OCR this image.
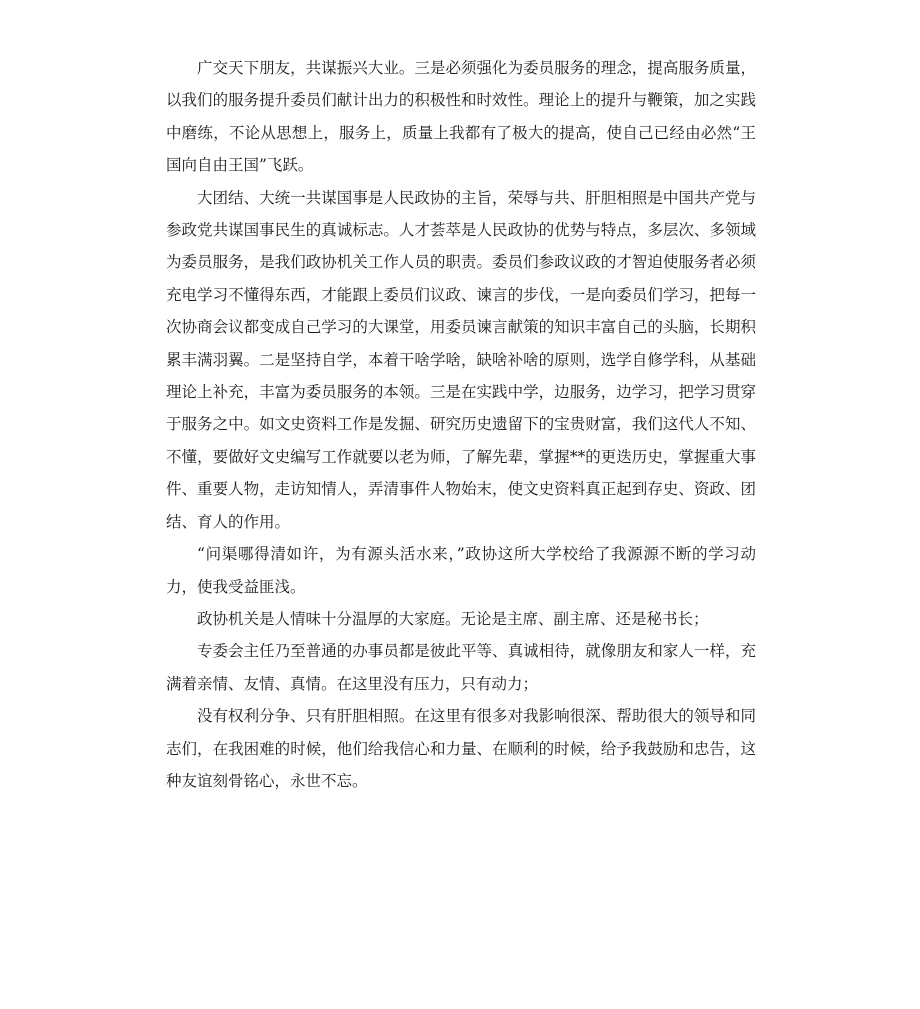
广交天下朋友，共谋振兴大业。三是必须强化为委员服务的理念，提高服务质量，以我们的服务提升委员们献计出力的积极性和时效性。理论上的提升与鞭策，加之实践中磨练，不论从思想上，服务上，质量上我都有了极大的提高，使自己已经由必然“王国向自由王国”飞跃。

大团结、大统一共谋国事是人民政协的主旨，荣辱与共、肝胆相照是中国共产党与参政党共谋国事民生的真诚标志。人才荟萃是人民政协的优势与特点，多层次、多领域为委员服务，是我们政协机关工作人员的职责。委员们参政议政的才智迫使服务者必须充电学习不懂得东西，才能跟上委员们议政、谏言的步伐，一是向委员们学习，把每一次协商会议都变成自己学习的大课堂，用委员谏言献策的知识丰富自己的头脑，长期积累丰满羽翼。二是坚持自学，本着干啥学啥，缺啥补啥的原则，选学自修学科，从基础理论上补充，丰富为委员服务的本领。三是在实践中学，边服务，边学习，把学习贯穿于服务之中。如文史资料工作是发掘、研究历史遗留下的宝贵财富，我们这代人不知、不懂，要做好文史编写工作就要以老为师，了解先辈，掌握**的更迭历史，掌握重大事件、重要人物，走访知情人，弄清事件人物始末，使文史资料真正起到存史、资政、团结、育人的作用。

“问渠哪得清如许，为有源头活水来，”政协这所大学校给了我源源不断的学习动力，使我受益匪浅。

政协机关是人情味十分温厚的大家庭。无论是主席、副主席、还是秘书长；

专委会主任乃至普通的办事员都是彼此平等、真诚相待，就像朋友和家人一样，充满着亲情、友情、真情。在这里没有压力，只有动力；

没有权利分争、只有肝胆相照。在这里有很多对我影响很深、帮助很大的领导和同志们，在我困难的时候，他们给我信心和力量、在顺利的时候，给予我鼓励和忠告，这种友谊刻骨铭心，永世不忘。
